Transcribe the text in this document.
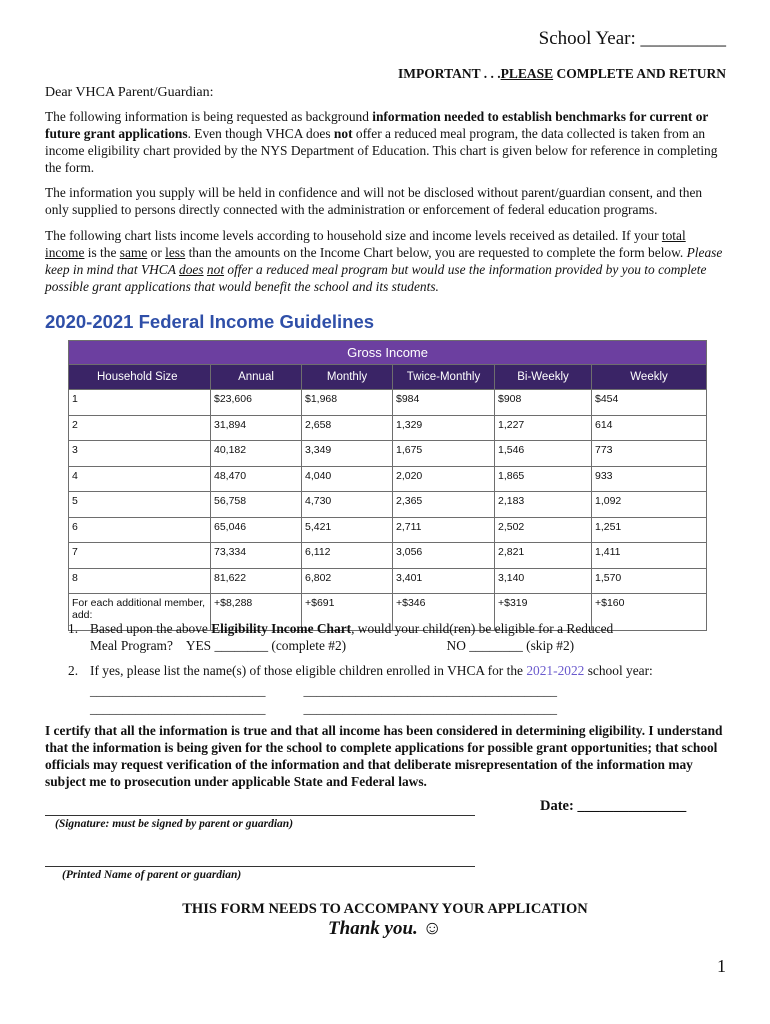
School Year: _________
IMPORTANT . . .PLEASE COMPLETE AND RETURN
Dear VHCA Parent/Guardian:
The following information is being requested as background information needed to establish benchmarks for current or future grant applications. Even though VHCA does not offer a reduced meal program, the data collected is taken from an income eligibility chart provided by the NYS Department of Education. This chart is given below for reference in completing the form.
The information you supply will be held in confidence and will not be disclosed without parent/guardian consent, and then only supplied to persons directly connected with the administration or enforcement of federal education programs.
The following chart lists income levels according to household size and income levels received as detailed. If your total income is the same or less than the amounts on the Income Chart below, you are requested to complete the form below. Please keep in mind that VHCA does not offer a reduced meal program but would use the information provided by you to complete possible grant applications that would benefit the school and its students.
2020-2021 Federal Income Guidelines
Gross Income					
Household Size	Annual	Monthly	Twice-Monthly	Bi-Weekly	Weekly
1	$23,606	$1,968	$984	$908	$454
2	31,894	2,658	1,329	1,227	614
3	40,182	3,349	1,675	1,546	773
4	48,470	4,040	2,020	1,865	933
5	56,758	4,730	2,365	2,183	1,092
6	65,046	5,421	2,711	2,502	1,251
7	73,334	6,112	3,056	2,821	1,411
8	81,622	6,802	3,401	3,140	1,570
For each additional member, add:	+$8,288	+$691	+$346	+$319	+$160
1. Based upon the above Eligibility Income Chart, would your child(ren) be eligible for a Reduced
Meal Program?    YES ________ (complete #2)                              NO ________ (skip #2)
2. If yes, please list the name(s) of those eligible children enrolled in VHCA for the 2021-2022 school year:
___________________________	_______________________________________
___________________________	_______________________________________
I certify that all the information is true and that all income has been considered in determining eligibility. I understand that the information is being given for the school to complete applications for possible grant opportunities; that school officials may request verification of the information and that deliberate misrepresentation of the information may subject me to prosecution under applicable State and Federal laws.
(Signature: must be signed by parent or guardian)
Date: _______________
(Printed Name of parent or guardian)
THIS FORM NEEDS TO ACCOMPANY YOUR APPLICATION
Thank you. ☺
1
